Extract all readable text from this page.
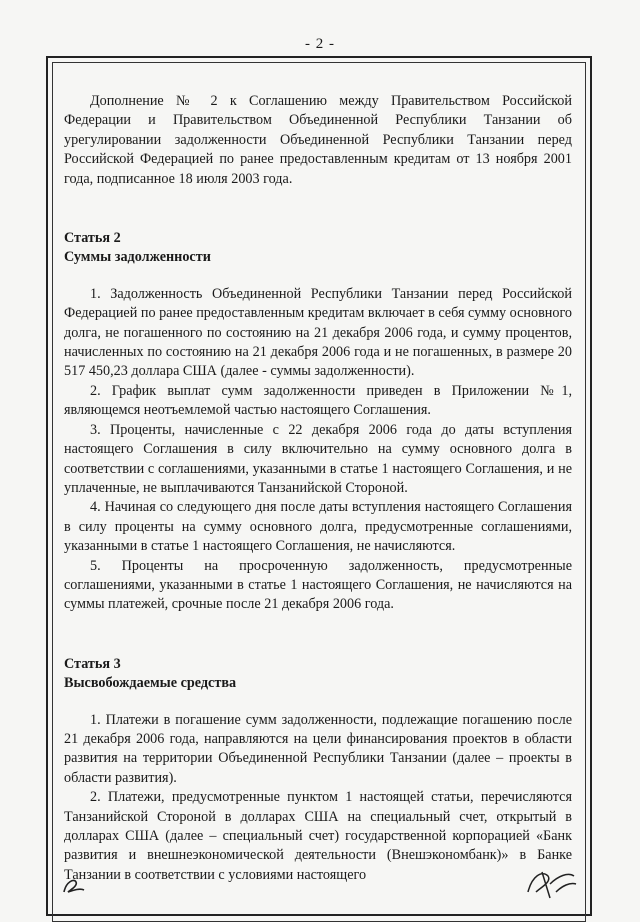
- 2 -

Дополнение № 2 к Соглашению между Правительством Российской Федерации и Правительством Объединенной Республики Танзании об урегулировании задолженности Объединенной Республики Танзании перед Российской Федерацией по ранее предоставленным кредитам от 13 ноября 2001 года, подписанное 18 июля 2003 года.

Статья 2

Суммы задолженности

1. Задолженность Объединенной Республики Танзании перед Российской Федерацией по ранее предоставленным кредитам включает в себя сумму основного долга, не погашенного по состоянию на 21 декабря 2006 года, и сумму процентов, начисленных по состоянию на 21 декабря 2006 года и не погашенных, в размере 20 517 450,23 доллара США (далее - суммы задолженности).

2. График выплат сумм задолженности приведен в Приложении №1, являющемся неотъемлемой частью настоящего Соглашения.

3. Проценты, начисленные с 22 декабря 2006 года до даты вступления настоящего Соглашения в силу включительно на сумму основного долга в соответствии с соглашениями, указанными в статье 1 настоящего Соглашения, и не уплаченные, не выплачиваются Танзанийской Стороной.

4. Начиная со следующего дня после даты вступления настоящего Соглашения в силу проценты на сумму основного долга, предусмотренные соглашениями, указанными в статье 1 настоящего Соглашения, не начисляются.

5. Проценты на просроченную задолженность, предусмотренные соглашениями, указанными в статье 1 настоящего Соглашения, не начисляются на суммы платежей, срочные после 21 декабря 2006 года.

Статья 3

Высвобождаемые средства

1. Платежи в погашение сумм задолженности, подлежащие погашению после 21 декабря 2006 года, направляются на цели финансирования проектов в области развития на территории Объединенной Республики Танзании (далее – проекты в области развития).

2. Платежи, предусмотренные пунктом 1 настоящей статьи, перечисляются Танзанийской Стороной в долларах США на специальный счет, открытый в долларах США (далее – специальный счет) государственной корпорацией «Банк развития и внешнеэкономической деятельности (Внешэкономбанк)» в Банке Танзании в соответствии с условиями настоящего
